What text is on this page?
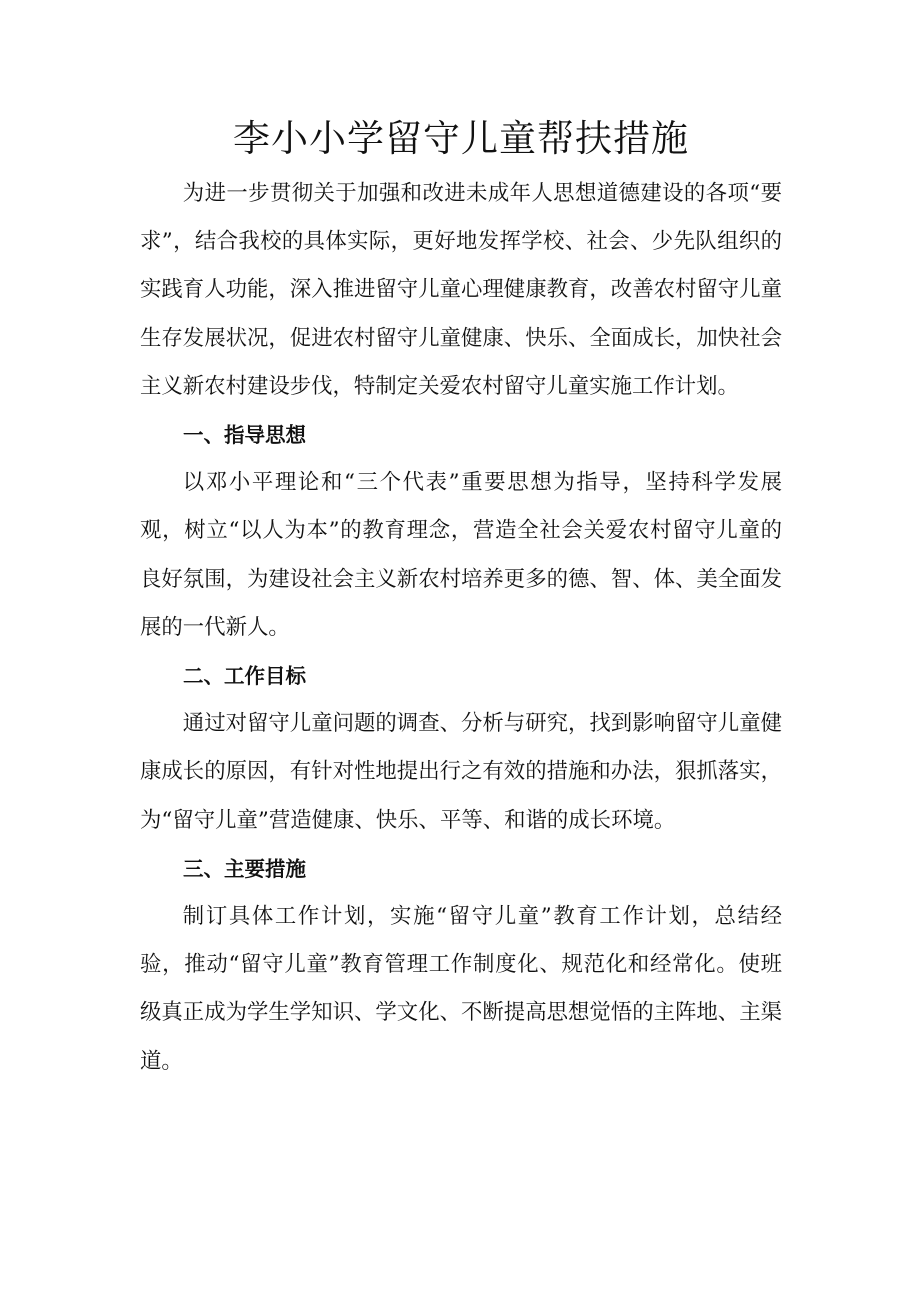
李小小学留守儿童帮扶措施

为进一步贯彻关于加强和改进未成年人思想道德建设的各项“要求”，结合我校的具体实际，更好地发挥学校、社会、少先队组织的实践育人功能，深入推进留守儿童心理健康教育，改善农村留守儿童生存发展状况，促进农村留守儿童健康、快乐、全面成长，加快社会主义新农村建设步伐，特制定关爱农村留守儿童实施工作计划。

一、指导思想

以邓小平理论和“三个代表”重要思想为指导，坚持科学发展观，树立“以人为本”的教育理念，营造全社会关爱农村留守儿童的良好氛围，为建设社会主义新农村培养更多的德、智、体、美全面发展的一代新人。

二、工作目标

通过对留守儿童问题的调查、分析与研究，找到影响留守儿童健康成长的原因，有针对性地提出行之有效的措施和办法，狠抓落实，为“留守儿童”营造健康、快乐、平等、和谐的成长环境。

三、主要措施

制订具体工作计划，实施“留守儿童”教育工作计划，总结经验，推动“留守儿童”教育管理工作制度化、规范化和经常化。使班级真正成为学生学知识、学文化、不断提高思想觉悟的主阵地、主渠道。
